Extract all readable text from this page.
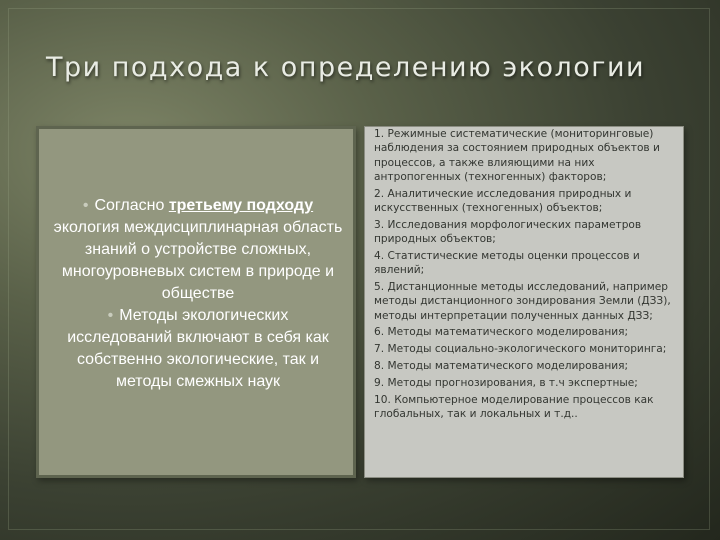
Три подхода к определению экологии

• Согласно третьему подходу экология междисциплинарная область знаний о устройстве сложных, многоуровневых систем в природе и обществе

• Методы экологических исследований включают в себя как собственно экологические, так и методы смежных наук

1. Режимные систематические (мониторинговые) наблюдения за состоянием природных объектов и процессов, а также влияющими на них антропогенных (техногенных) факторов;
2. Аналитические исследования природных и искусственных (техногенных) объектов;
3. Исследования морфологических параметров природных объектов;
4. Статистические методы оценки процессов и явлений;
5. Дистанционные методы исследований, например методы дистанционного зондирования Земли (ДЗЗ), методы интерпретации полученных данных ДЗЗ;
6. Методы математического моделирования;
7. Методы социально-экологического мониторинга;
8. Методы математического моделирования;
9. Методы прогнозирования, в т.ч экспертные;
10. Компьютерное моделирование процессов как глобальных, так и локальных и т.д..
